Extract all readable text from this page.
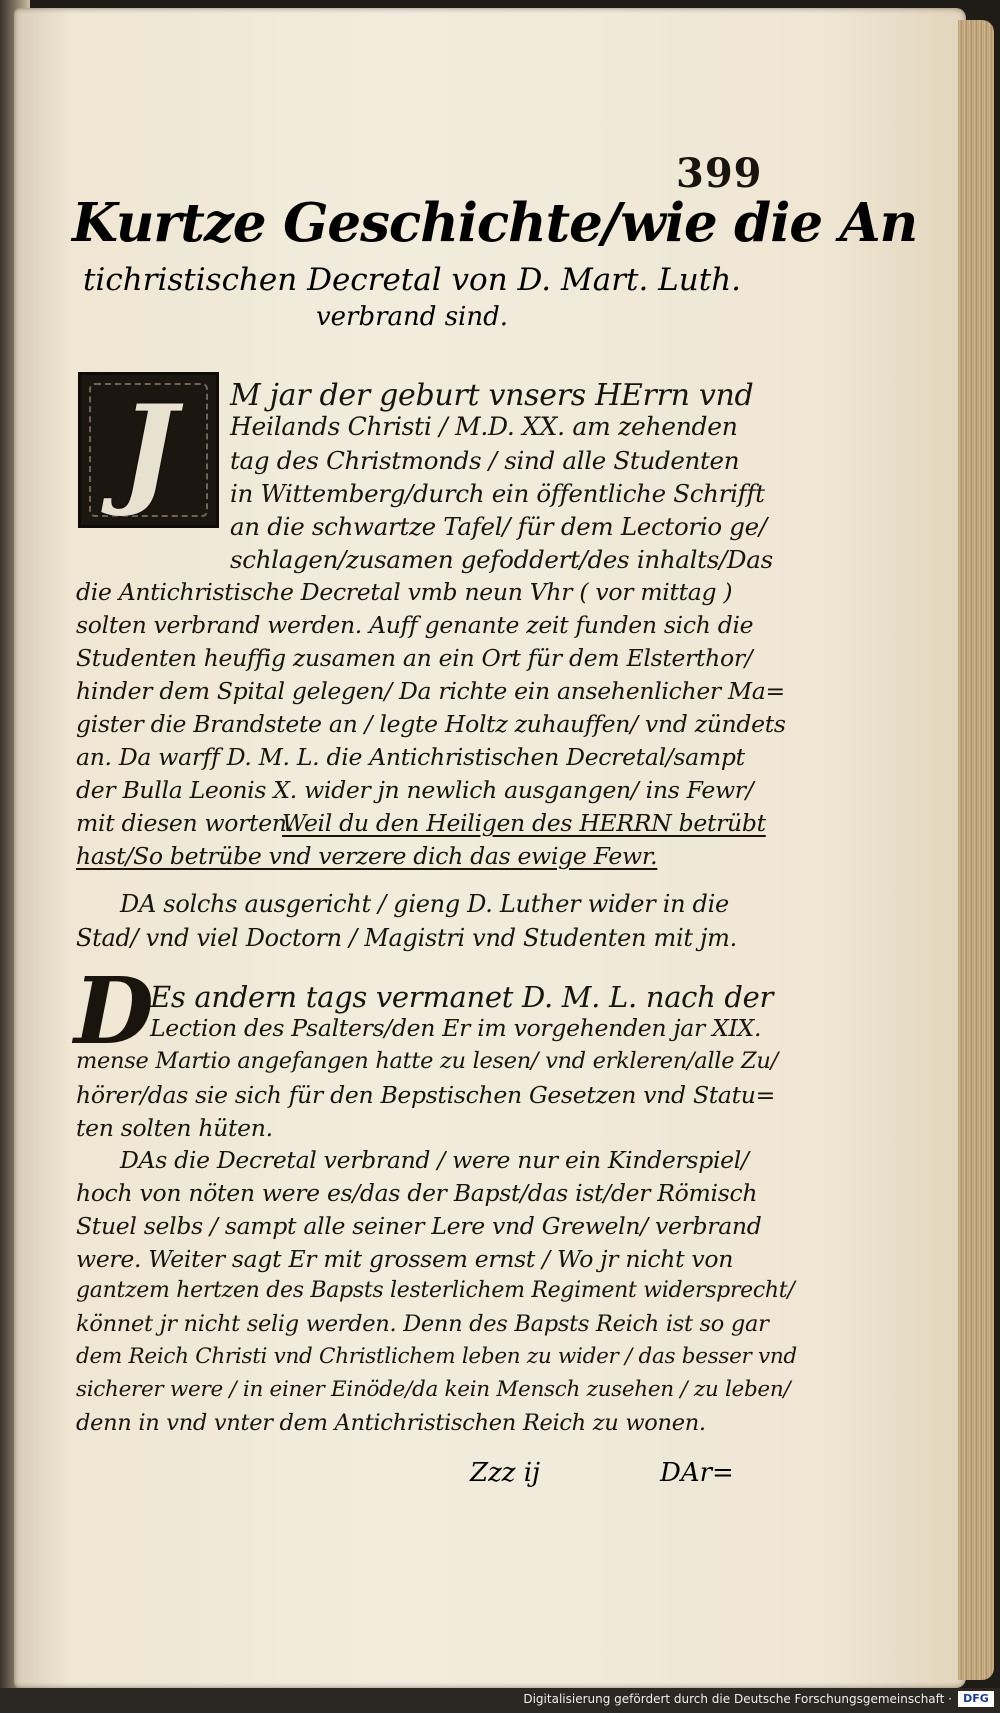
399
Kurtze Geschichte/wie die An
tichristischen Decretal von D. Mart. Luth.
verbrand sind.
J M jar der geburt vnsers HErrn vnd
Heilands Christi / M.D. XX. am zehenden
tag des Christmonds / sind alle Studenten
in Wittemberg/durch ein öffentliche Schrifft
an die schwartze Tafel/ für dem Lectorio ge/
schlagen/zusamen gefoddert/des inhalts/Das
die Antichristische Decretal vmb neun Vhr ( vor mittag )
solten verbrand werden. Auff genante zeit funden sich die
Studenten heuffig zusamen an ein Ort für dem Elsterthor/
hinder dem Spital gelegen/ Da richte ein ansehenlicher Ma=
gister die Brandstete an / legte Holtz zuhauffen/ vnd zündets
an. Da warff D. M. L. die Antichristischen Decretal/sampt
der Bulla Leonis X. wider jn newlich ausgangen/ ins Fewr/
mit diesen worten.
Weil du den Heiligen des HERRN betrübt
hast/So betrübe vnd verzere dich das ewige Fewr.
DA solchs ausgericht / gieng D. Luther wider in die
Stad/ vnd viel Doctorn / Magistri vnd Studenten mit jm.
D
Es andern tags vermanet D. M. L. nach der
Lection des Psalters/den Er im vorgehenden jar XIX.
mense Martio angefangen hatte zu lesen/ vnd erkleren/alle Zu/
hörer/das sie sich für den Bepstischen Gesetzen vnd Statu=
ten solten hüten.
DAs die Decretal verbrand / were nur ein Kinderspiel/
hoch von nöten were es/das der Bapst/das ist/der Römisch
Stuel selbs / sampt alle seiner Lere vnd Greweln/ verbrand
were. Weiter sagt Er mit grossem ernst / Wo jr nicht von
gantzem hertzen des Bapsts lesterlichem Regiment widersprecht/
könnet jr nicht selig werden. Denn des Bapsts Reich ist so gar
dem Reich Christi vnd Christlichem leben zu wider / das besser vnd
sicherer were / in einer Einöde/da kein Mensch zusehen / zu leben/
denn in vnd vnter dem Antichristischen Reich zu wonen.
Zzz ij	DAr=
Digitalisierung gefördert durch die Deutsche Forschungsgemeinschaft ·	DFG
